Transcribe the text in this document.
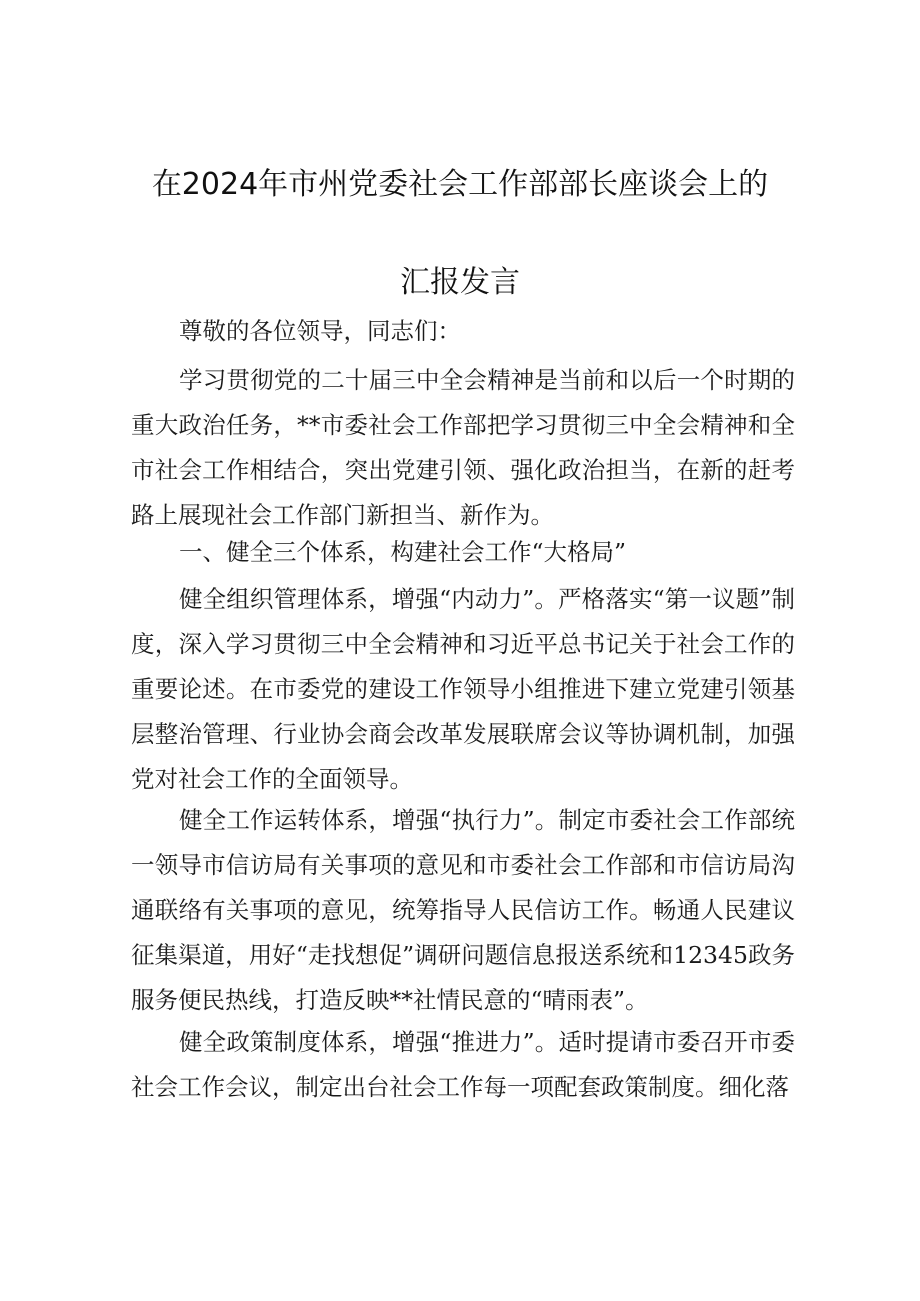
在2024年市州党委社会工作部部长座谈会上的
汇报发言

尊敬的各位领导，同志们：

学习贯彻党的二十届三中全会精神是当前和以后一个时期的重大政治任务，**市委社会工作部把学习贯彻三中全会精神和全市社会工作相结合，突出党建引领、强化政治担当，在新的赶考路上展现社会工作部门新担当、新作为。

一、健全三个体系，构建社会工作“大格局”

健全组织管理体系，增强“内动力”。严格落实“第一议题”制度，深入学习贯彻三中全会精神和习近平总书记关于社会工作的重要论述。在市委党的建设工作领导小组推进下建立党建引领基层整治管理、行业协会商会改革发展联席会议等协调机制，加强党对社会工作的全面领导。

健全工作运转体系，增强“执行力”。制定市委社会工作部统一领导市信访局有关事项的意见和市委社会工作部和市信访局沟通联络有关事项的意见，统筹指导人民信访工作。畅通人民建议征集渠道，用好“走找想促”调研问题信息报送系统和12345政务服务便民热线，打造反映**社情民意的“晴雨表”。

健全政策制度体系，增强“推进力”。适时提请市委召开市委社会工作会议，制定出台社会工作每一项配套政策制度。细化落
